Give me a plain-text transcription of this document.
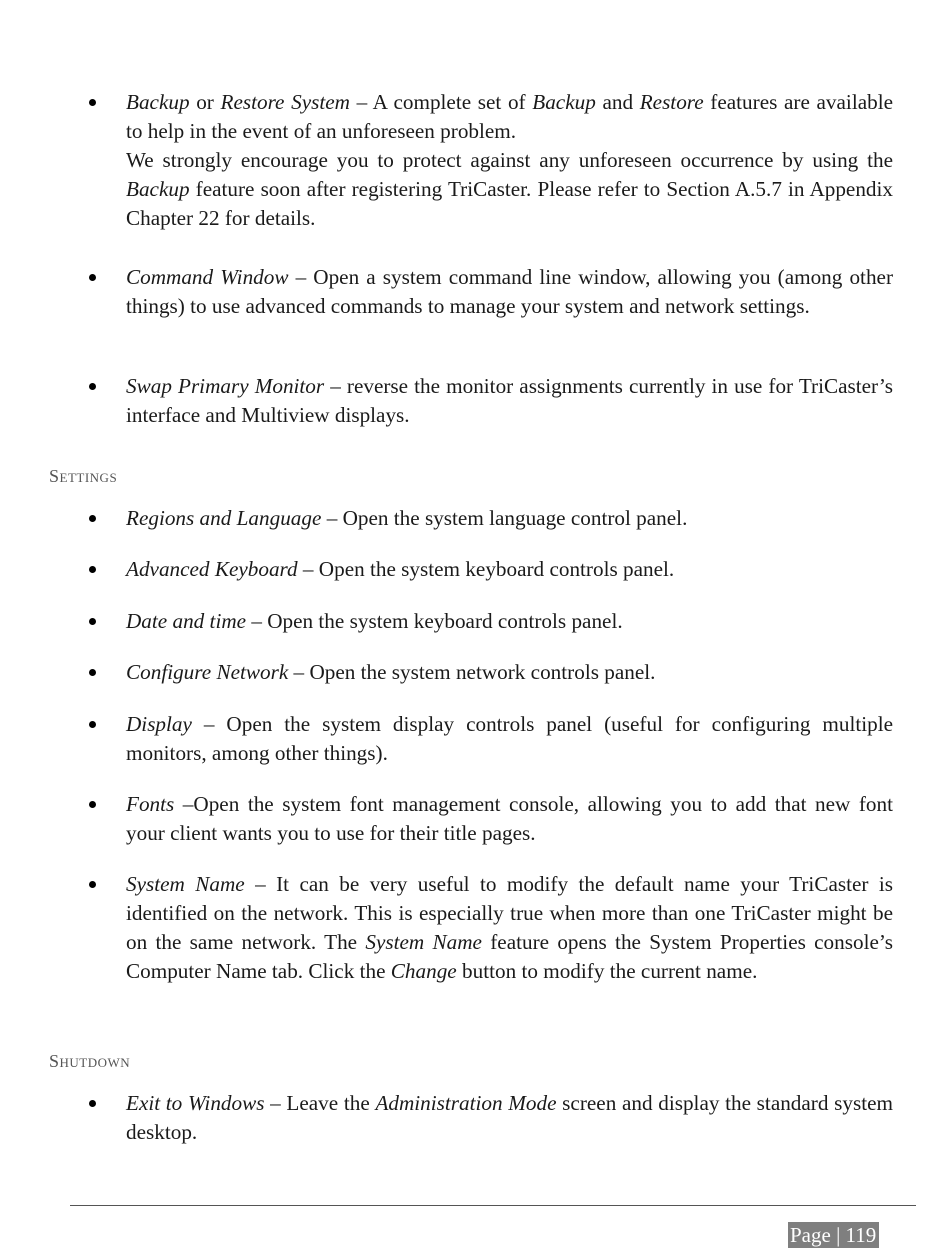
Backup or Restore System – A complete set of Backup and Restore features are available to help in the event of an unforeseen problem.

We strongly encourage you to protect against any unforeseen occurrence by using the Backup feature soon after registering TriCaster. Please refer to Section A.5.7 in Appendix Chapter 22 for details.

Command Window – Open a system command line window, allowing you (among other things) to use advanced commands to manage your system and network settings.

Swap Primary Monitor – reverse the monitor assignments currently in use for TriCaster’s interface and Multiview displays.

Settings

Regions and Language – Open the system language control panel.

Advanced Keyboard – Open the system keyboard controls panel.

Date and time – Open the system keyboard controls panel.

Configure Network – Open the system network controls panel.

Display – Open the system display controls panel (useful for configuring multiple monitors, among other things).

Fonts –Open the system font management console, allowing you to add that new font your client wants you to use for their title pages.

System Name – It can be very useful to modify the default name your TriCaster is identified on the network. This is especially true when more than one TriCaster might be on the same network. The System Name feature opens the System Properties console’s Computer Name tab. Click the Change button to modify the current name.

Shutdown

Exit to Windows – Leave the Administration Mode screen and display the standard system desktop.

Page | 119
